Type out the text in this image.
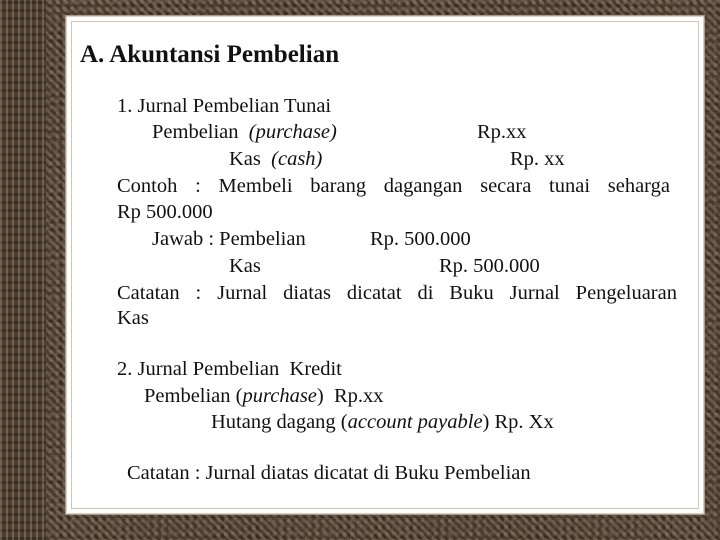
A. Akuntansi Pembelian
1. Jurnal Pembelian Tunai
Pembelian (purchase)	Rp.xx
Kas (cash)	Rp. xx
Contoh : Membeli barang dagangan secara tunai seharga
Rp 500.000
Jawab : Pembelian	Rp. 500.000
Kas	Rp. 500.000
Catatan : Jurnal diatas dicatat di Buku Jurnal Pengeluaran
Kas
2. Jurnal Pembelian  Kredit
Pembelian (purchase)  Rp.xx
Hutang dagang (account payable) Rp. Xx
Catatan : Jurnal diatas dicatat di Buku Pembelian
